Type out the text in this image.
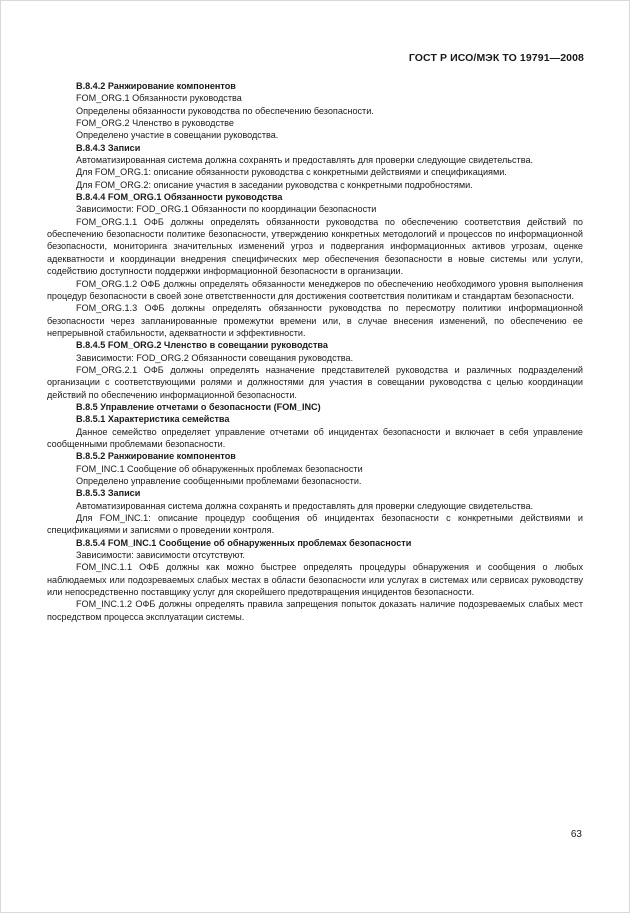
ГОСТ Р ИСО/МЭК ТО 19791—2008

B.8.4.2 Ранжирование компонентов

FOM_ORG.1 Обязанности руководства

Определены обязанности руководства по обеспечению безопасности.

FOM_ORG.2 Членство в руководстве

Определено участие в совещании руководства.

B.8.4.3 Записи

Автоматизированная система должна сохранять и предоставлять для проверки следующие свидетельства.

Для FOM_ORG.1: описание обязанности руководства с конкретными действиями и спецификациями.

Для FOM_ORG.2: описание участия в заседании руководства с конкретными подробностями.

B.8.4.4 FOM_ORG.1 Обязанности руководства

Зависимости: FOD_ORG.1 Обязанности по координации безопасности

FOM_ORG.1.1 ОФБ должны определять обязанности руководства по обеспечению соответствия действий по обеспечению безопасности политике безопасности, утверждению конкретных методологий и процессов по информационной безопасности, мониторинга значительных изменений угроз и подвергания информационных активов угрозам, оценке адекватности и координации внедрения специфических мер обеспечения безопасности в новые системы или услуги, содействию доступности поддержки информационной безопасности в организации.

FOM_ORG.1.2 ОФБ должны определять обязанности менеджеров по обеспечению необходимого уровня выполнения процедур безопасности в своей зоне ответственности для достижения соответствия политикам и стандартам безопасности.

FOM_ORG.1.3 ОФБ должны определять обязанности руководства по пересмотру политики информационной безопасности через запланированные промежутки времени или, в случае внесения изменений, по обеспечению ее непрерывной стабильности, адекватности и эффективности.

B.8.4.5 FOM_ORG.2 Членство в совещании руководства

Зависимости: FOD_ORG.2 Обязанности совещания руководства.

FOM_ORG.2.1 ОФБ должны определять назначение представителей руководства и различных подразделений организации с соответствующими ролями и должностями для участия в совещании руководства с целью координации действий по обеспечению информационной безопасности.

B.8.5 Управление отчетами о безопасности (FOM_INC)

B.8.5.1 Характеристика семейства

Данное семейство определяет управление отчетами об инцидентах безопасности и включает в себя управление сообщенными проблемами безопасности.

B.8.5.2 Ранжирование компонентов

FOM_INC.1 Сообщение об обнаруженных проблемах безопасности

Определено управление сообщенными проблемами безопасности.

B.8.5.3 Записи

Автоматизированная система должна сохранять и предоставлять для проверки следующие свидетельства.

Для FOM_INC.1: описание процедур сообщения об инцидентах безопасности с конкретными действиями и спецификациями и записями о проведении контроля.

B.8.5.4 FOM_INC.1 Сообщение об обнаруженных проблемах безопасности

Зависимости: зависимости отсутствуют.

FOM_INC.1.1 ОФБ должны как можно быстрее определять процедуры обнаружения и сообщения о любых наблюдаемых или подозреваемых слабых местах в области безопасности или услугах в системах или сервисах руководству или непосредственно поставщику услуг для скорейшего предотвращения инцидентов безопасности.

FOM_INC.1.2 ОФБ должны определять правила запрещения попыток доказать наличие подозреваемых слабых мест посредством процесса эксплуатации системы.

63
